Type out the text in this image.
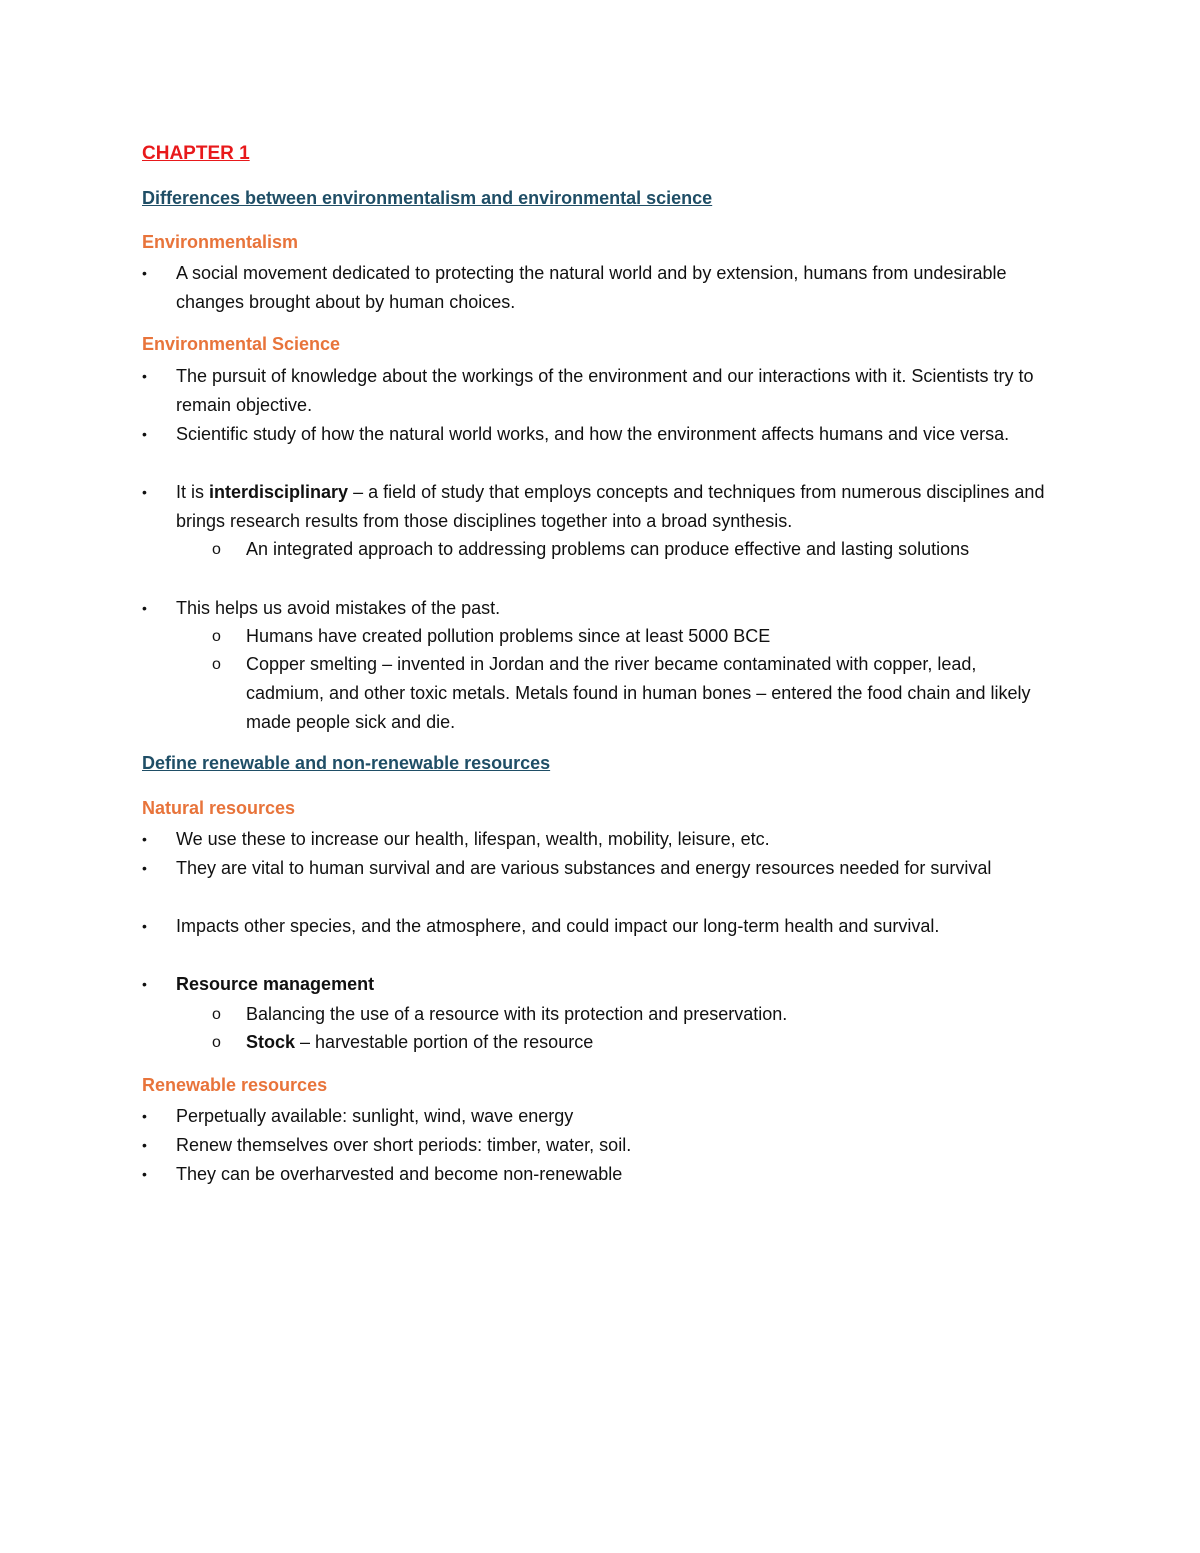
CHAPTER 1
Differences between environmentalism and environmental science
Environmentalism
• A social movement dedicated to protecting the natural world and by extension, humans from undesirable changes brought about by human choices.
Environmental Science
• The pursuit of knowledge about the workings of the environment and our interactions with it. Scientists try to remain objective.
• Scientific study of how the natural world works, and how the environment affects humans and vice versa.
• It is interdisciplinary – a field of study that employs concepts and techniques from numerous disciplines and brings research results from those disciplines together into a broad synthesis.
o An integrated approach to addressing problems can produce effective and lasting solutions
• This helps us avoid mistakes of the past.
o Humans have created pollution problems since at least 5000 BCE
o Copper smelting – invented in Jordan and the river became contaminated with copper, lead, cadmium, and other toxic metals. Metals found in human bones – entered the food chain and likely made people sick and die.
Define renewable and non-renewable resources
Natural resources
• We use these to increase our health, lifespan, wealth, mobility, leisure, etc.
• They are vital to human survival and are various substances and energy resources needed for survival
• Impacts other species, and the atmosphere, and could impact our long-term health and survival.
• Resource management
o Balancing the use of a resource with its protection and preservation.
o Stock – harvestable portion of the resource
Renewable resources
• Perpetually available: sunlight, wind, wave energy
• Renew themselves over short periods: timber, water, soil.
• They can be overharvested and become non-renewable
